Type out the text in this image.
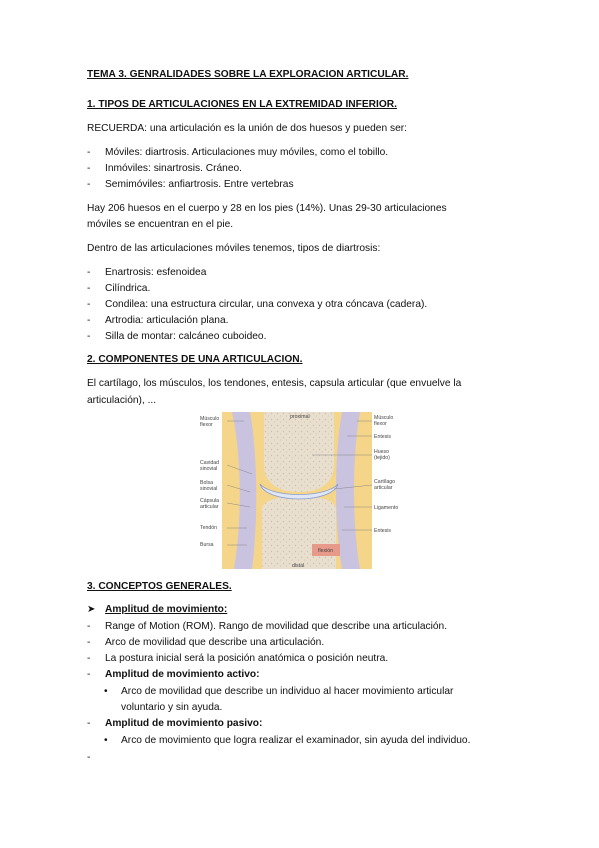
TEMA 3. GENRALIDADES SOBRE LA EXPLORACION ARTICULAR.
1. TIPOS DE ARTICULACIONES EN LA EXTREMIDAD INFERIOR.
RECUERDA: una articulación es la unión de dos huesos y pueden ser:
- Móviles: diartrosis. Articulaciones muy móviles, como el tobillo.
- Inmóviles: sinartrosis. Cráneo.
- Semimóviles: anfiartrosis. Entre vertebras
Hay 206 huesos en el cuerpo y 28 en los pies (14%). Unas 29-30 articulaciones
móviles se encuentran en el pie.
Dentro de las articulaciones móviles tenemos, tipos de diartrosis:
- Enartrosis: esfenoidea
- Cilíndrica.
- Condilea: una estructura circular, una convexa y otra cóncava (cadera).
- Artrodia: articulación plana.
- Silla de montar: calcáneo cuboideo.
2. COMPONENTES DE UNA ARTICULACION.
El cartílago, los músculos, los tendones, entesis, capsula articular (que envuelve la
articulación), ...
proximal
distal
flexión
Músculo
flexor
Cavidad
sinovial
Bolsa
sinovial
Cápsula
articular
Tendón
Bursa
Músculo
flexor
Entesis
Hueso
(tejido)
Cartílago
articular
Ligamento
Entesis
3. CONCEPTOS GENERALES.
➤ Amplitud de movimiento:
- Range of Motion (ROM). Rango de movilidad que describe una articulación.
- Arco de movilidad que describe una articulación.
- La postura inicial será la posición anatómica o posición neutra.
- Amplitud de movimiento activo:
• Arco de movilidad que describe un individuo al hacer movimiento articular
voluntario y sin ayuda.
- Amplitud de movimiento pasivo:
• Arco de movimiento que logra realizar el examinador, sin ayuda del individuo.
-
